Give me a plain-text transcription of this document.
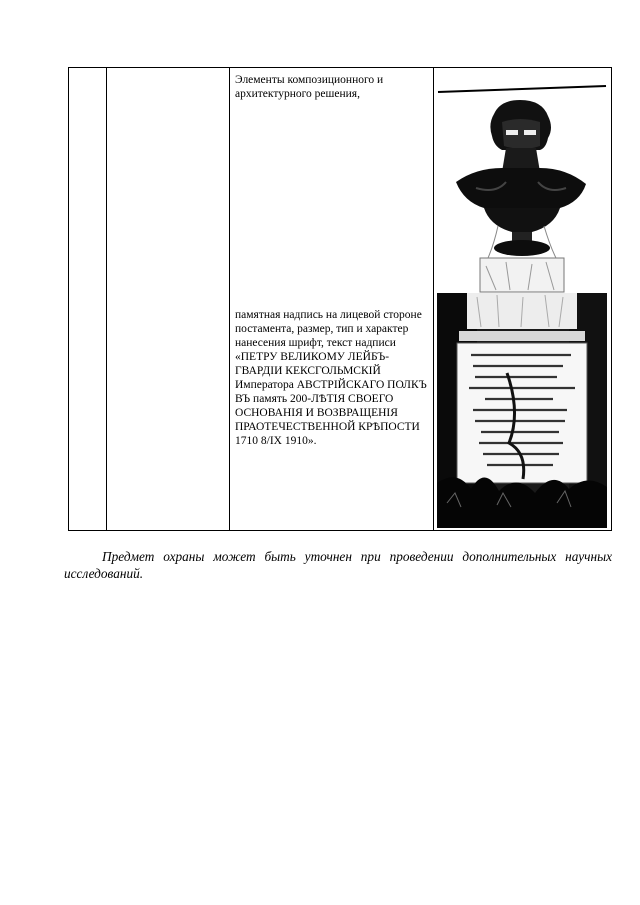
Элементы композиционного и архитектурного решения,
памятная надпись на лицевой стороне постамента, размер, тип и характер нанесения шрифт, текст надписи «ПЕТРУ ВЕЛИКОМУ ЛЕЙБЪ-ГВАРДІИ КЕКСГОЛЬМСКІЙ Императора АВСТРІЙСКАГО ПОЛКЪ ВЪ память 200-ЛѢТІЯ СВОЕГО ОСНОВАНІЯ И ВОЗВРАЩЕНІЯ ПРАОТЕЧЕСТВЕННОЙ КРѢПОСТИ 1710 8/IX 1910».

Предмет охраны может быть уточнен при проведении дополнительных научных исследований.
